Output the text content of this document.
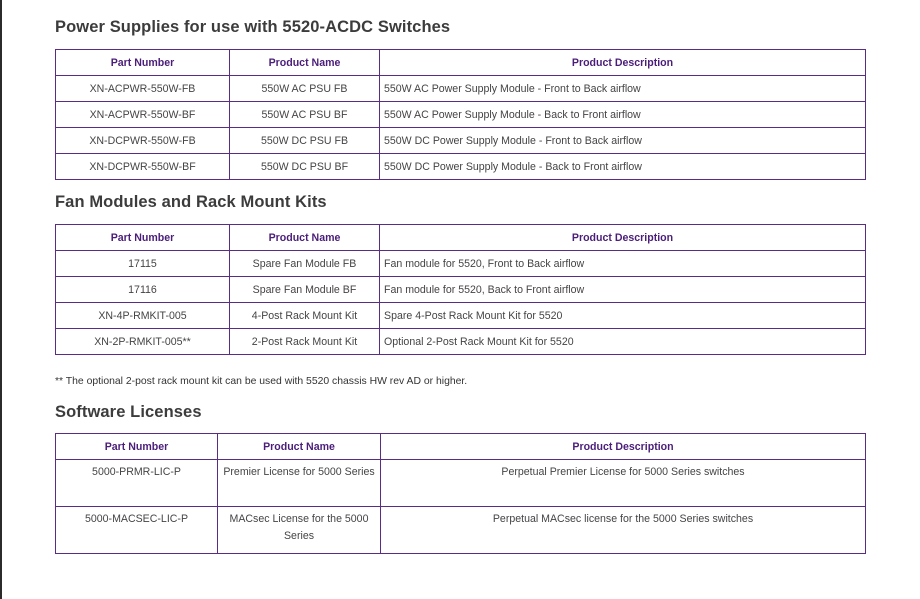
Power Supplies for use with 5520-ACDC Switches
Part Number	Product Name	Product Description
XN-ACPWR-550W-FB	550W AC PSU FB	550W AC Power Supply Module - Front to Back airflow
XN-ACPWR-550W-BF	550W AC PSU BF	550W AC Power Supply Module - Back to Front airflow
XN-DCPWR-550W-FB	550W DC PSU FB	550W DC Power Supply Module - Front to Back airflow
XN-DCPWR-550W-BF	550W DC PSU BF	550W DC Power Supply Module - Back to Front airflow
Fan Modules and Rack Mount Kits
Part Number	Product Name	Product Description
17115	Spare Fan Module FB	Fan module for 5520, Front to Back airflow
17116	Spare Fan Module BF	Fan module for 5520, Back to Front airflow
XN-4P-RMKIT-005	4-Post Rack Mount Kit	Spare 4-Post Rack Mount Kit for 5520
XN-2P-RMKIT-005**	2-Post Rack Mount Kit	Optional 2-Post Rack Mount Kit for 5520

** The optional 2-post rack mount kit can be used with 5520 chassis HW rev AD or higher.

Software Licenses
Part Number	Product Name	Product Description
5000-PRMR-LIC-P	Premier License for 5000 Series	Perpetual Premier License for 5000 Series switches
5000-MACSEC-LIC-P	MACsec License for the 5000 Series	Perpetual MACsec license for the 5000 Series switches
